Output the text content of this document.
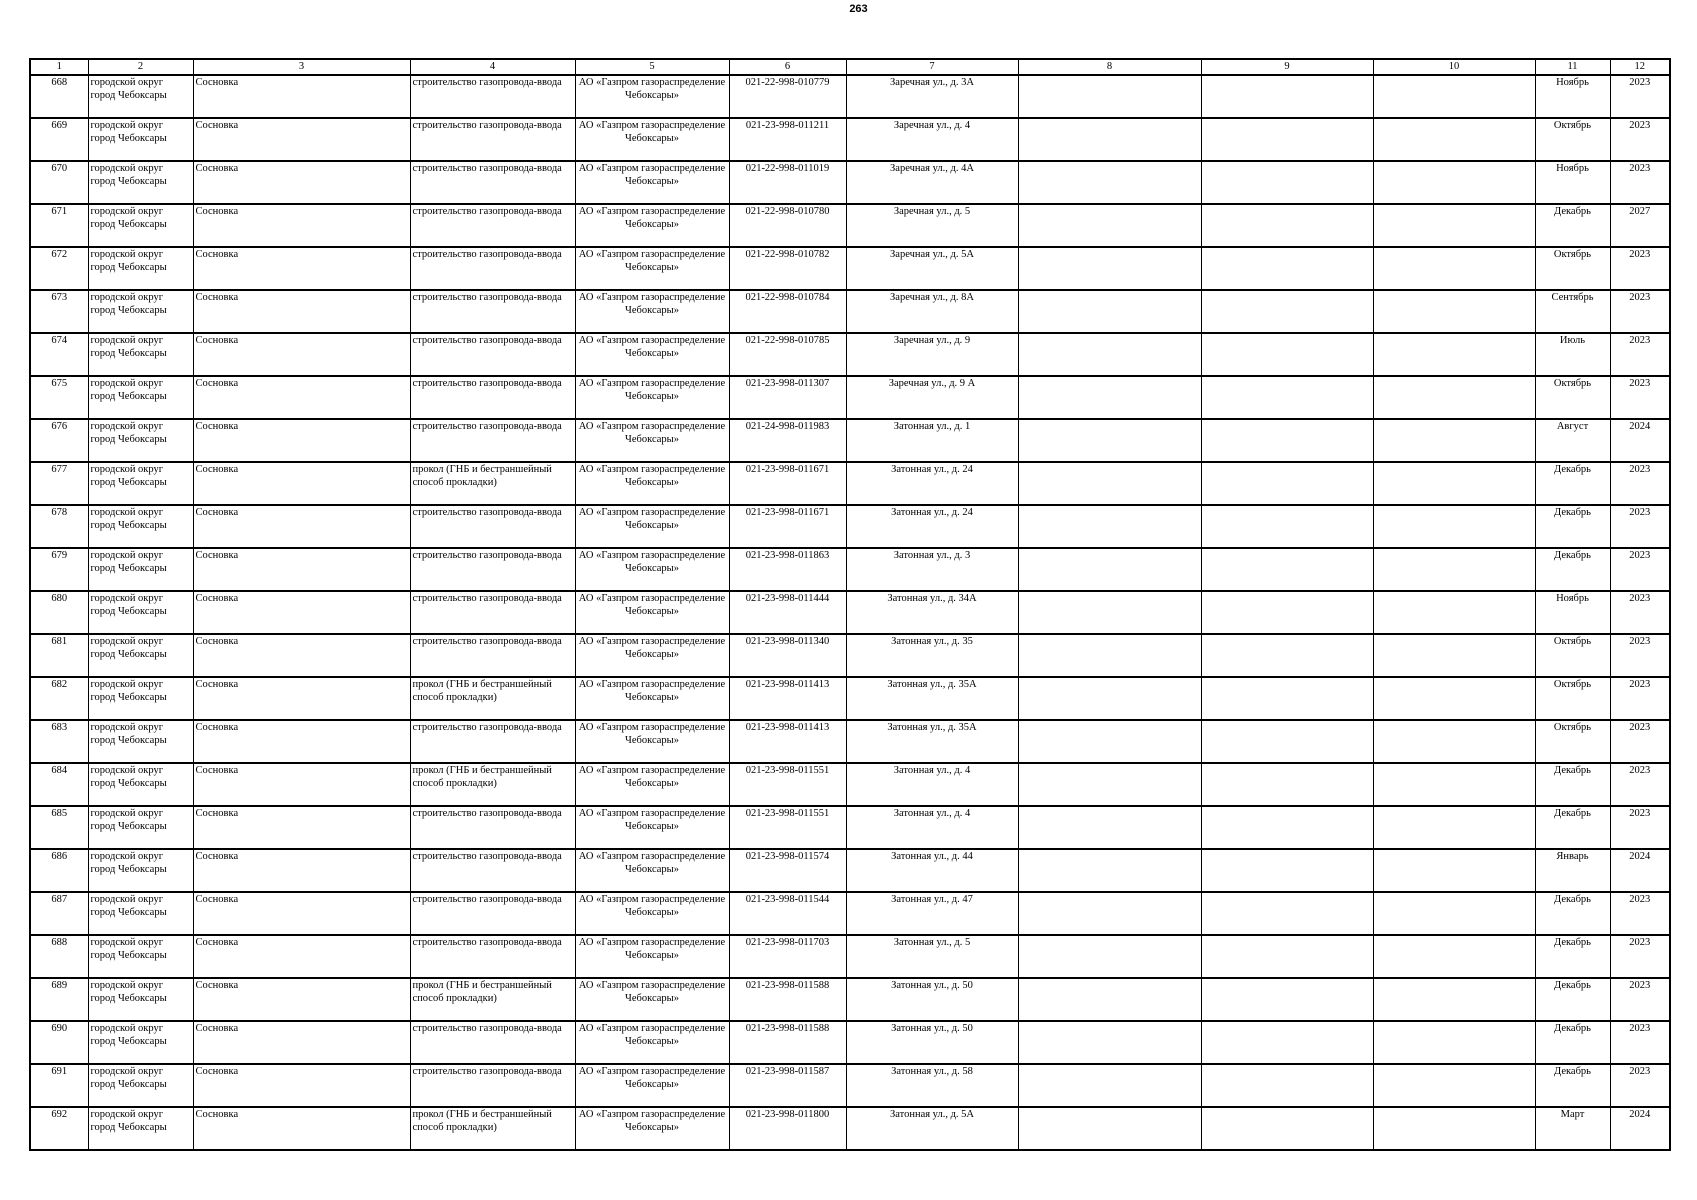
263
1	2	3	4	5	6	7	8	9	10	11	12
668	городской округ город Чебоксары	Сосновка	строительство газопровода-ввода	АО «Газпром газораспределение Чебоксары»	021-22-998-010779	Заречная ул., д. 3А				Ноябрь	2023
669	городской округ город Чебоксары	Сосновка	строительство газопровода-ввода	АО «Газпром газораспределение Чебоксары»	021-23-998-011211	Заречная ул., д. 4				Октябрь	2023
670	городской округ город Чебоксары	Сосновка	строительство газопровода-ввода	АО «Газпром газораспределение Чебоксары»	021-22-998-011019	Заречная ул., д. 4А				Ноябрь	2023
671	городской округ город Чебоксары	Сосновка	строительство газопровода-ввода	АО «Газпром газораспределение Чебоксары»	021-22-998-010780	Заречная ул., д. 5				Декабрь	2027
672	городской округ город Чебоксары	Сосновка	строительство газопровода-ввода	АО «Газпром газораспределение Чебоксары»	021-22-998-010782	Заречная ул., д. 5А				Октябрь	2023
673	городской округ город Чебоксары	Сосновка	строительство газопровода-ввода	АО «Газпром газораспределение Чебоксары»	021-22-998-010784	Заречная ул., д. 8А				Сентябрь	2023
674	городской округ город Чебоксары	Сосновка	строительство газопровода-ввода	АО «Газпром газораспределение Чебоксары»	021-22-998-010785	Заречная ул., д. 9				Июль	2023
675	городской округ город Чебоксары	Сосновка	строительство газопровода-ввода	АО «Газпром газораспределение Чебоксары»	021-23-998-011307	Заречная ул., д. 9 А				Октябрь	2023
676	городской округ город Чебоксары	Сосновка	строительство газопровода-ввода	АО «Газпром газораспределение Чебоксары»	021-24-998-011983	Затонная ул., д. 1				Август	2024
677	городской округ город Чебоксары	Сосновка	прокол (ГНБ и бестраншейный способ прокладки)	АО «Газпром газораспределение Чебоксары»	021-23-998-011671	Затонная ул., д. 24				Декабрь	2023
678	городской округ город Чебоксары	Сосновка	строительство газопровода-ввода	АО «Газпром газораспределение Чебоксары»	021-23-998-011671	Затонная ул., д. 24				Декабрь	2023
679	городской округ город Чебоксары	Сосновка	строительство газопровода-ввода	АО «Газпром газораспределение Чебоксары»	021-23-998-011863	Затонная ул., д. 3				Декабрь	2023
680	городской округ город Чебоксары	Сосновка	строительство газопровода-ввода	АО «Газпром газораспределение Чебоксары»	021-23-998-011444	Затонная ул., д. 34А				Ноябрь	2023
681	городской округ город Чебоксары	Сосновка	строительство газопровода-ввода	АО «Газпром газораспределение Чебоксары»	021-23-998-011340	Затонная ул., д. 35				Октябрь	2023
682	городской округ город Чебоксары	Сосновка	прокол (ГНБ и бестраншейный способ прокладки)	АО «Газпром газораспределение Чебоксары»	021-23-998-011413	Затонная ул., д. 35А				Октябрь	2023
683	городской округ город Чебоксары	Сосновка	строительство газопровода-ввода	АО «Газпром газораспределение Чебоксары»	021-23-998-011413	Затонная ул., д. 35А				Октябрь	2023
684	городской округ город Чебоксары	Сосновка	прокол (ГНБ и бестраншейный способ прокладки)	АО «Газпром газораспределение Чебоксары»	021-23-998-011551	Затонная ул., д. 4				Декабрь	2023
685	городской округ город Чебоксары	Сосновка	строительство газопровода-ввода	АО «Газпром газораспределение Чебоксары»	021-23-998-011551	Затонная ул., д. 4				Декабрь	2023
686	городской округ город Чебоксары	Сосновка	строительство газопровода-ввода	АО «Газпром газораспределение Чебоксары»	021-23-998-011574	Затонная ул., д. 44				Январь	2024
687	городской округ город Чебоксары	Сосновка	строительство газопровода-ввода	АО «Газпром газораспределение Чебоксары»	021-23-998-011544	Затонная ул., д. 47				Декабрь	2023
688	городской округ город Чебоксары	Сосновка	строительство газопровода-ввода	АО «Газпром газораспределение Чебоксары»	021-23-998-011703	Затонная ул., д. 5				Декабрь	2023
689	городской округ город Чебоксары	Сосновка	прокол (ГНБ и бестраншейный способ прокладки)	АО «Газпром газораспределение Чебоксары»	021-23-998-011588	Затонная ул., д. 50				Декабрь	2023
690	городской округ город Чебоксары	Сосновка	строительство газопровода-ввода	АО «Газпром газораспределение Чебоксары»	021-23-998-011588	Затонная ул., д. 50				Декабрь	2023
691	городской округ город Чебоксары	Сосновка	строительство газопровода-ввода	АО «Газпром газораспределение Чебоксары»	021-23-998-011587	Затонная ул., д. 58				Декабрь	2023
692	городской округ город Чебоксары	Сосновка	прокол (ГНБ и бестраншейный способ прокладки)	АО «Газпром газораспределение Чебоксары»	021-23-998-011800	Затонная ул., д. 5А				Март	2024
